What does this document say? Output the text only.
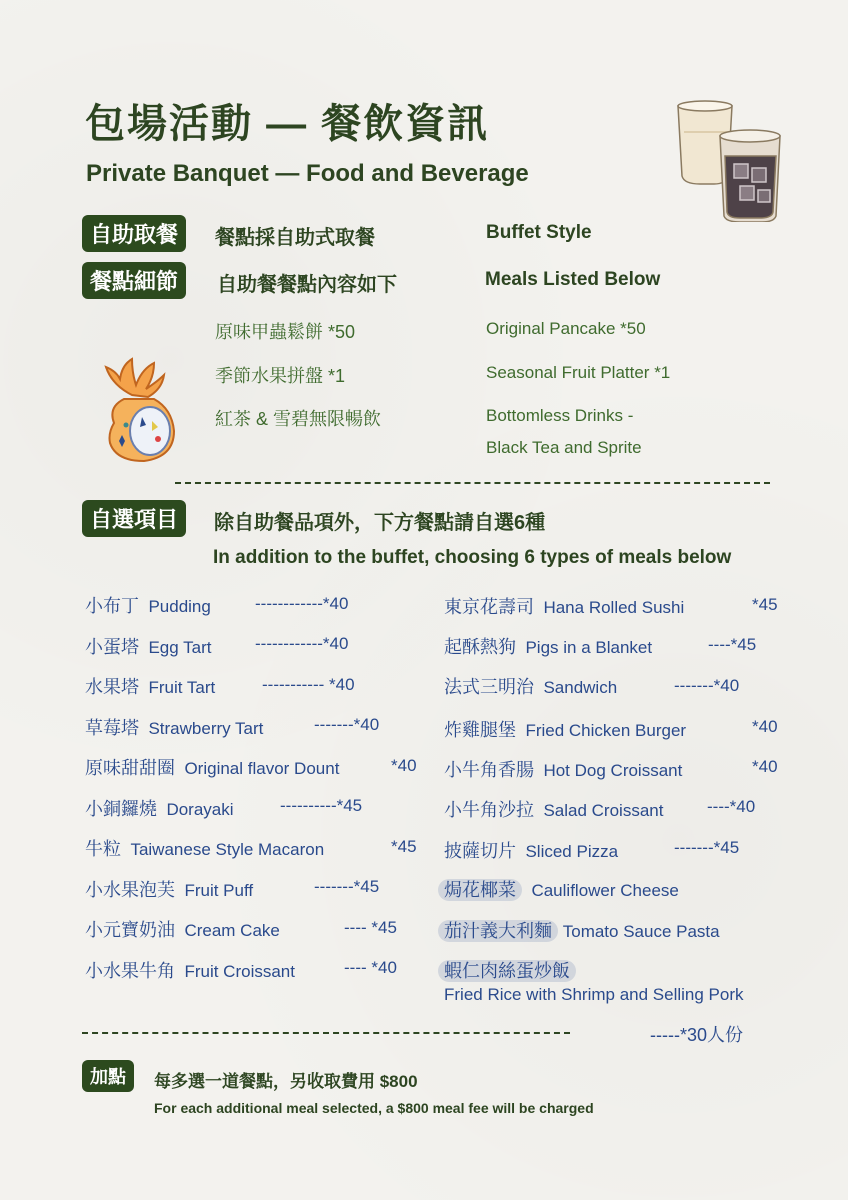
包場活動 — 餐飲資訊
Private Banquet — Food and Beverage
自助取餐	餐點採自助式取餐	Buffet Style
餐點細節	自助餐餐點內容如下	Meals Listed Below
原味甲蟲鬆餅 *50	Original Pancake *50
季節水果拼盤 *1	Seasonal Fruit Platter *1
紅茶 & 雪碧無限暢飲	Bottomless Drinks -
Black Tea and Sprite
自選項目	除自助餐品項外，下方餐點請自選6種
In addition to the buffet, choosing 6 types of meals below
小布丁 Pudding	------------*40
小蛋塔 Egg Tart	------------*40
水果塔 Fruit Tart	----------- *40
草莓塔 Strawberry Tart	-------*40
原味甜甜圈 Original flavor Dount	*40
小銅鑼燒 Dorayaki	----------*45
牛粒 Taiwanese Style Macaron	*45
小水果泡芙 Fruit Puff	-------*45
小元寶奶油 Cream Cake	---- *45
小水果牛角 Fruit Croissant	---- *40
東京花壽司 Hana Rolled Sushi	*45
起酥熱狗 Pigs in a Blanket	----*45
法式三明治 Sandwich	-------*40
炸雞腿堡 Fried Chicken Burger	*40
小牛角香腸 Hot Dog Croissant	*40
小牛角沙拉 Salad Croissant	----*40
披薩切片 Sliced Pizza	-------*45
焗花椰菜 Cauliflower Cheese
茄汁義大利麵 Tomato Sauce Pasta
蝦仁肉絲蛋炒飯
Fried Rice with Shrimp and Selling Pork
-----*30人份
加點	每多選一道餐點，另收取費用 $800
For each additional meal selected, a $800 meal fee will be charged
